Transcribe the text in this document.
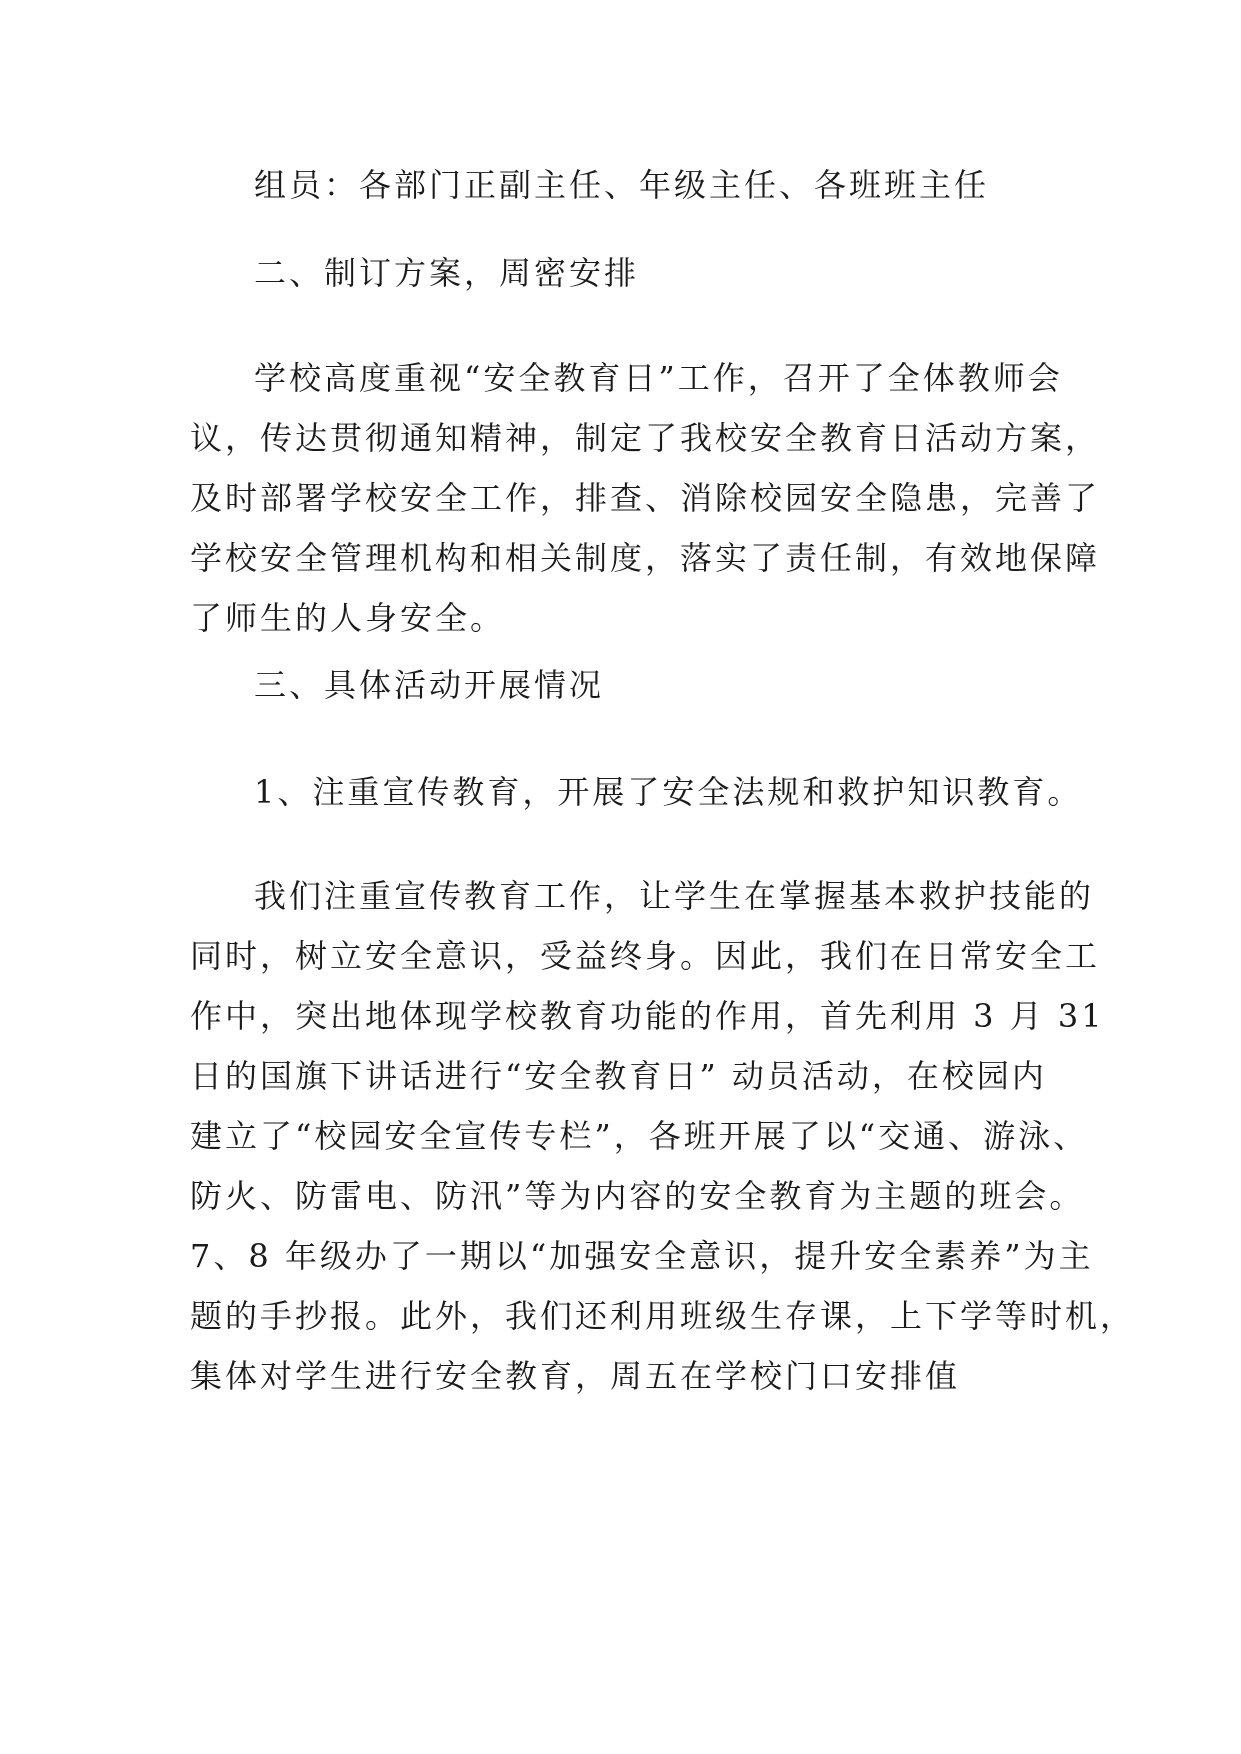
组员：各部门正副主任、年级主任、各班班主任
二、制订方案，周密安排
学校高度重视“安全教育日”工作，召开了全体教师会
议，传达贯彻通知精神，制定了我校安全教育日活动方案，
及时部署学校安全工作，排查、消除校园安全隐患，完善了
学校安全管理机构和相关制度，落实了责任制，有效地保障
了师生的人身安全。
三、具体活动开展情况
1、注重宣传教育，开展了安全法规和救护知识教育。
我们注重宣传教育工作，让学生在掌握基本救护技能的
同时，树立安全意识，受益终身。因此，我们在日常安全工
作中，突出地体现学校教育功能的作用，首先利用 3 月 31
日的国旗下讲话进行“安全教育日” 动员活动，在校园内
建立了“校园安全宣传专栏”，各班开展了以“交通、游泳、
防火、防雷电、防汛”等为内容的安全教育为主题的班会。
7、8 年级办了一期以“加强安全意识，提升安全素养”为主
题的手抄报。此外，我们还利用班级生存课，上下学等时机，
集体对学生进行安全教育，周五在学校门口安排值
